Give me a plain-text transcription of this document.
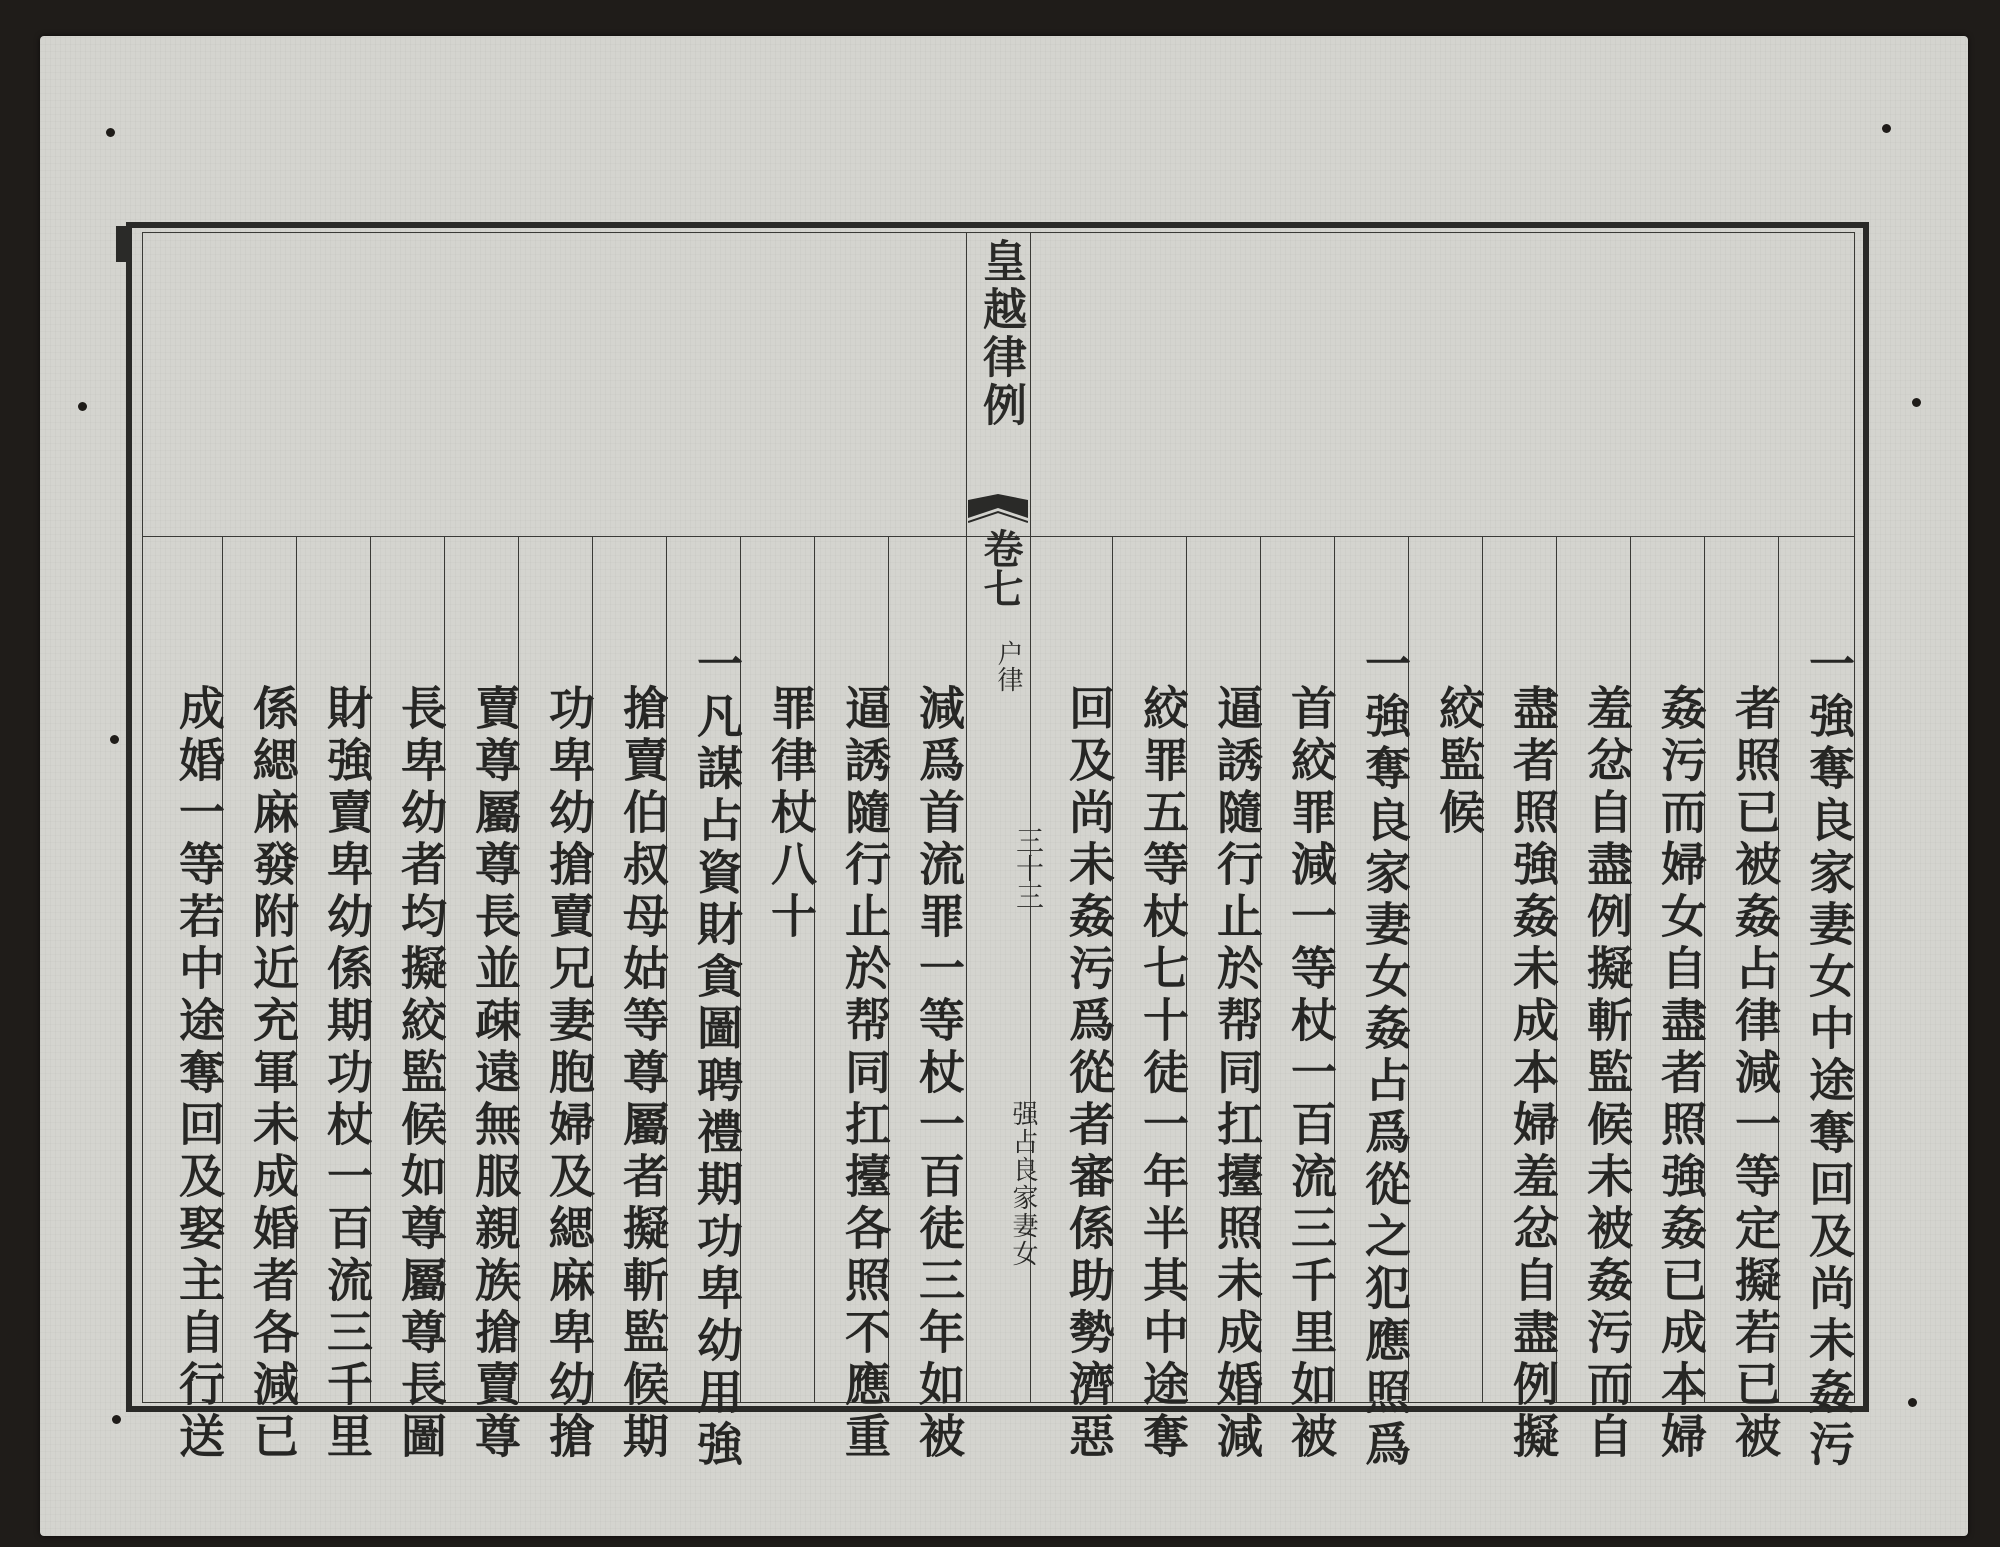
皇越律例
卷七
户律
三十三
强占良家妻女	一強奪良家妻女中途奪回及尚未姦污
者照已被姦占律減一等定擬若已被
姦污而婦女自盡者照強姦已成本婦
羞忿自盡例擬斬監候未被姦污而自
盡者照強姦未成本婦羞忿自盡例擬
絞監候
一強奪良家妻女姦占爲從之犯應照爲
首絞罪減一等杖一百流三千里如被
逼誘隨行止於帮同扛擡照未成婚減
絞罪五等杖七十徒一年半其中途奪
回及尚未姦污爲從者審係助勢濟惡
減爲首流罪一等杖一百徒三年如被
逼誘隨行止於帮同扛擡各照不應重
罪律杖八十
一凡謀占資財貪圖聘禮期功卑幼用強
搶賣伯叔母姑等尊屬者擬斬監候期
功卑幼搶賣兄妻胞婦及緦麻卑幼搶
賣尊屬尊長並疎遠無服親族搶賣尊
長卑幼者均擬絞監候如尊屬尊長圖
財強賣卑幼係期功杖一百流三千里
係緦麻發附近充軍未成婚者各減已
成婚一等若中途奪回及娶主自行送
